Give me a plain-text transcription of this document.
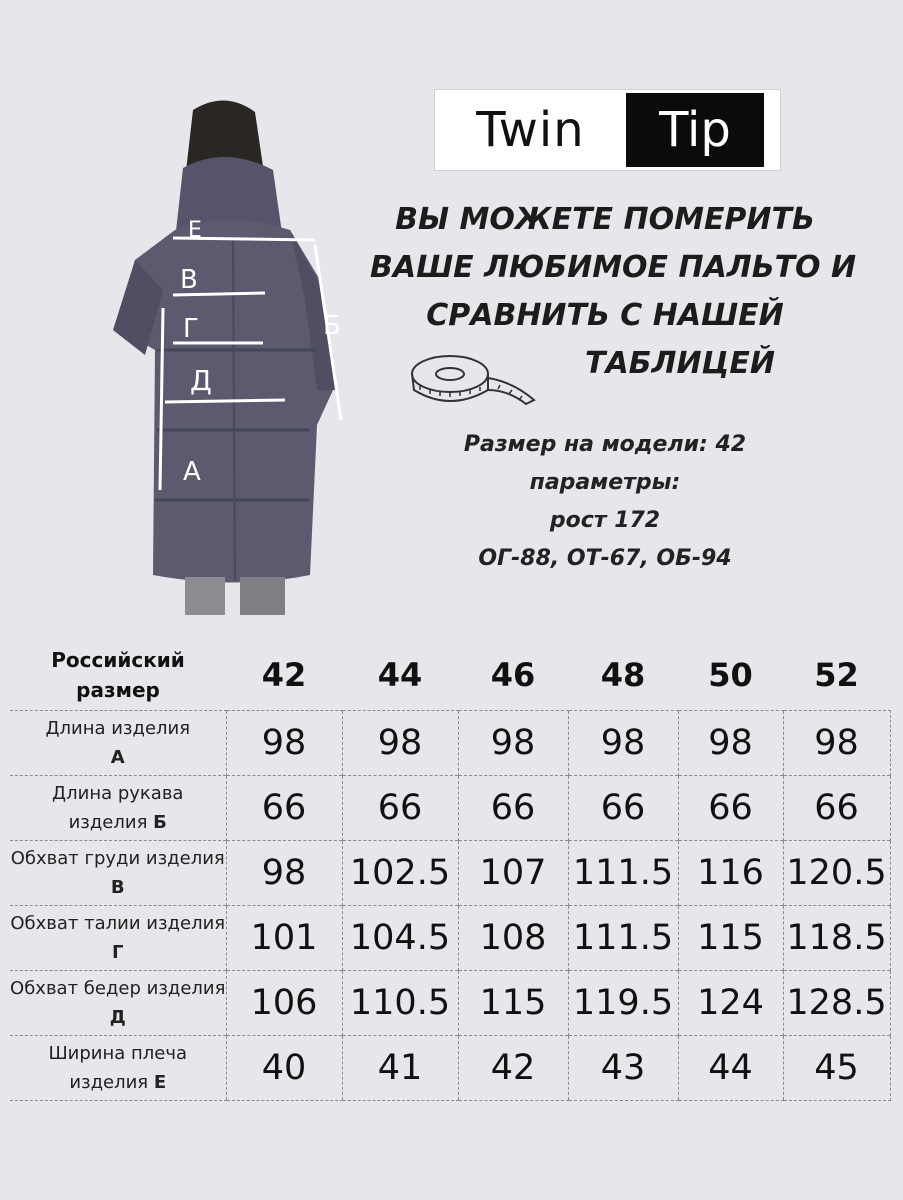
Е
В
Г
Д
А
Б
Twin	Tip
ВЫ МОЖЕТЕ ПОМЕРИТЬ
ВАШЕ ЛЮБИМОЕ ПАЛЬТО И
СРАВНИТЬ С НАШЕЙ
ТАБЛИЦЕЙ
Размер на модели: 42
параметры:
рост 172
ОГ-88, ОТ-67, ОБ-94
Российский
размер	42	44	46	48	50	52
Длина изделия
А	98	98	98	98	98	98
Длина рукава изделия Б	66	66	66	66	66	66
Обхват груди изделия В	98	102.5	107	111.5	116	120.5
Обхват талии изделия Г	101	104.5	108	111.5	115	118.5
Обхват бедер изделия Д	106	110.5	115	119.5	124	128.5
Ширина плеча изделия Е	40	41	42	43	44	45
